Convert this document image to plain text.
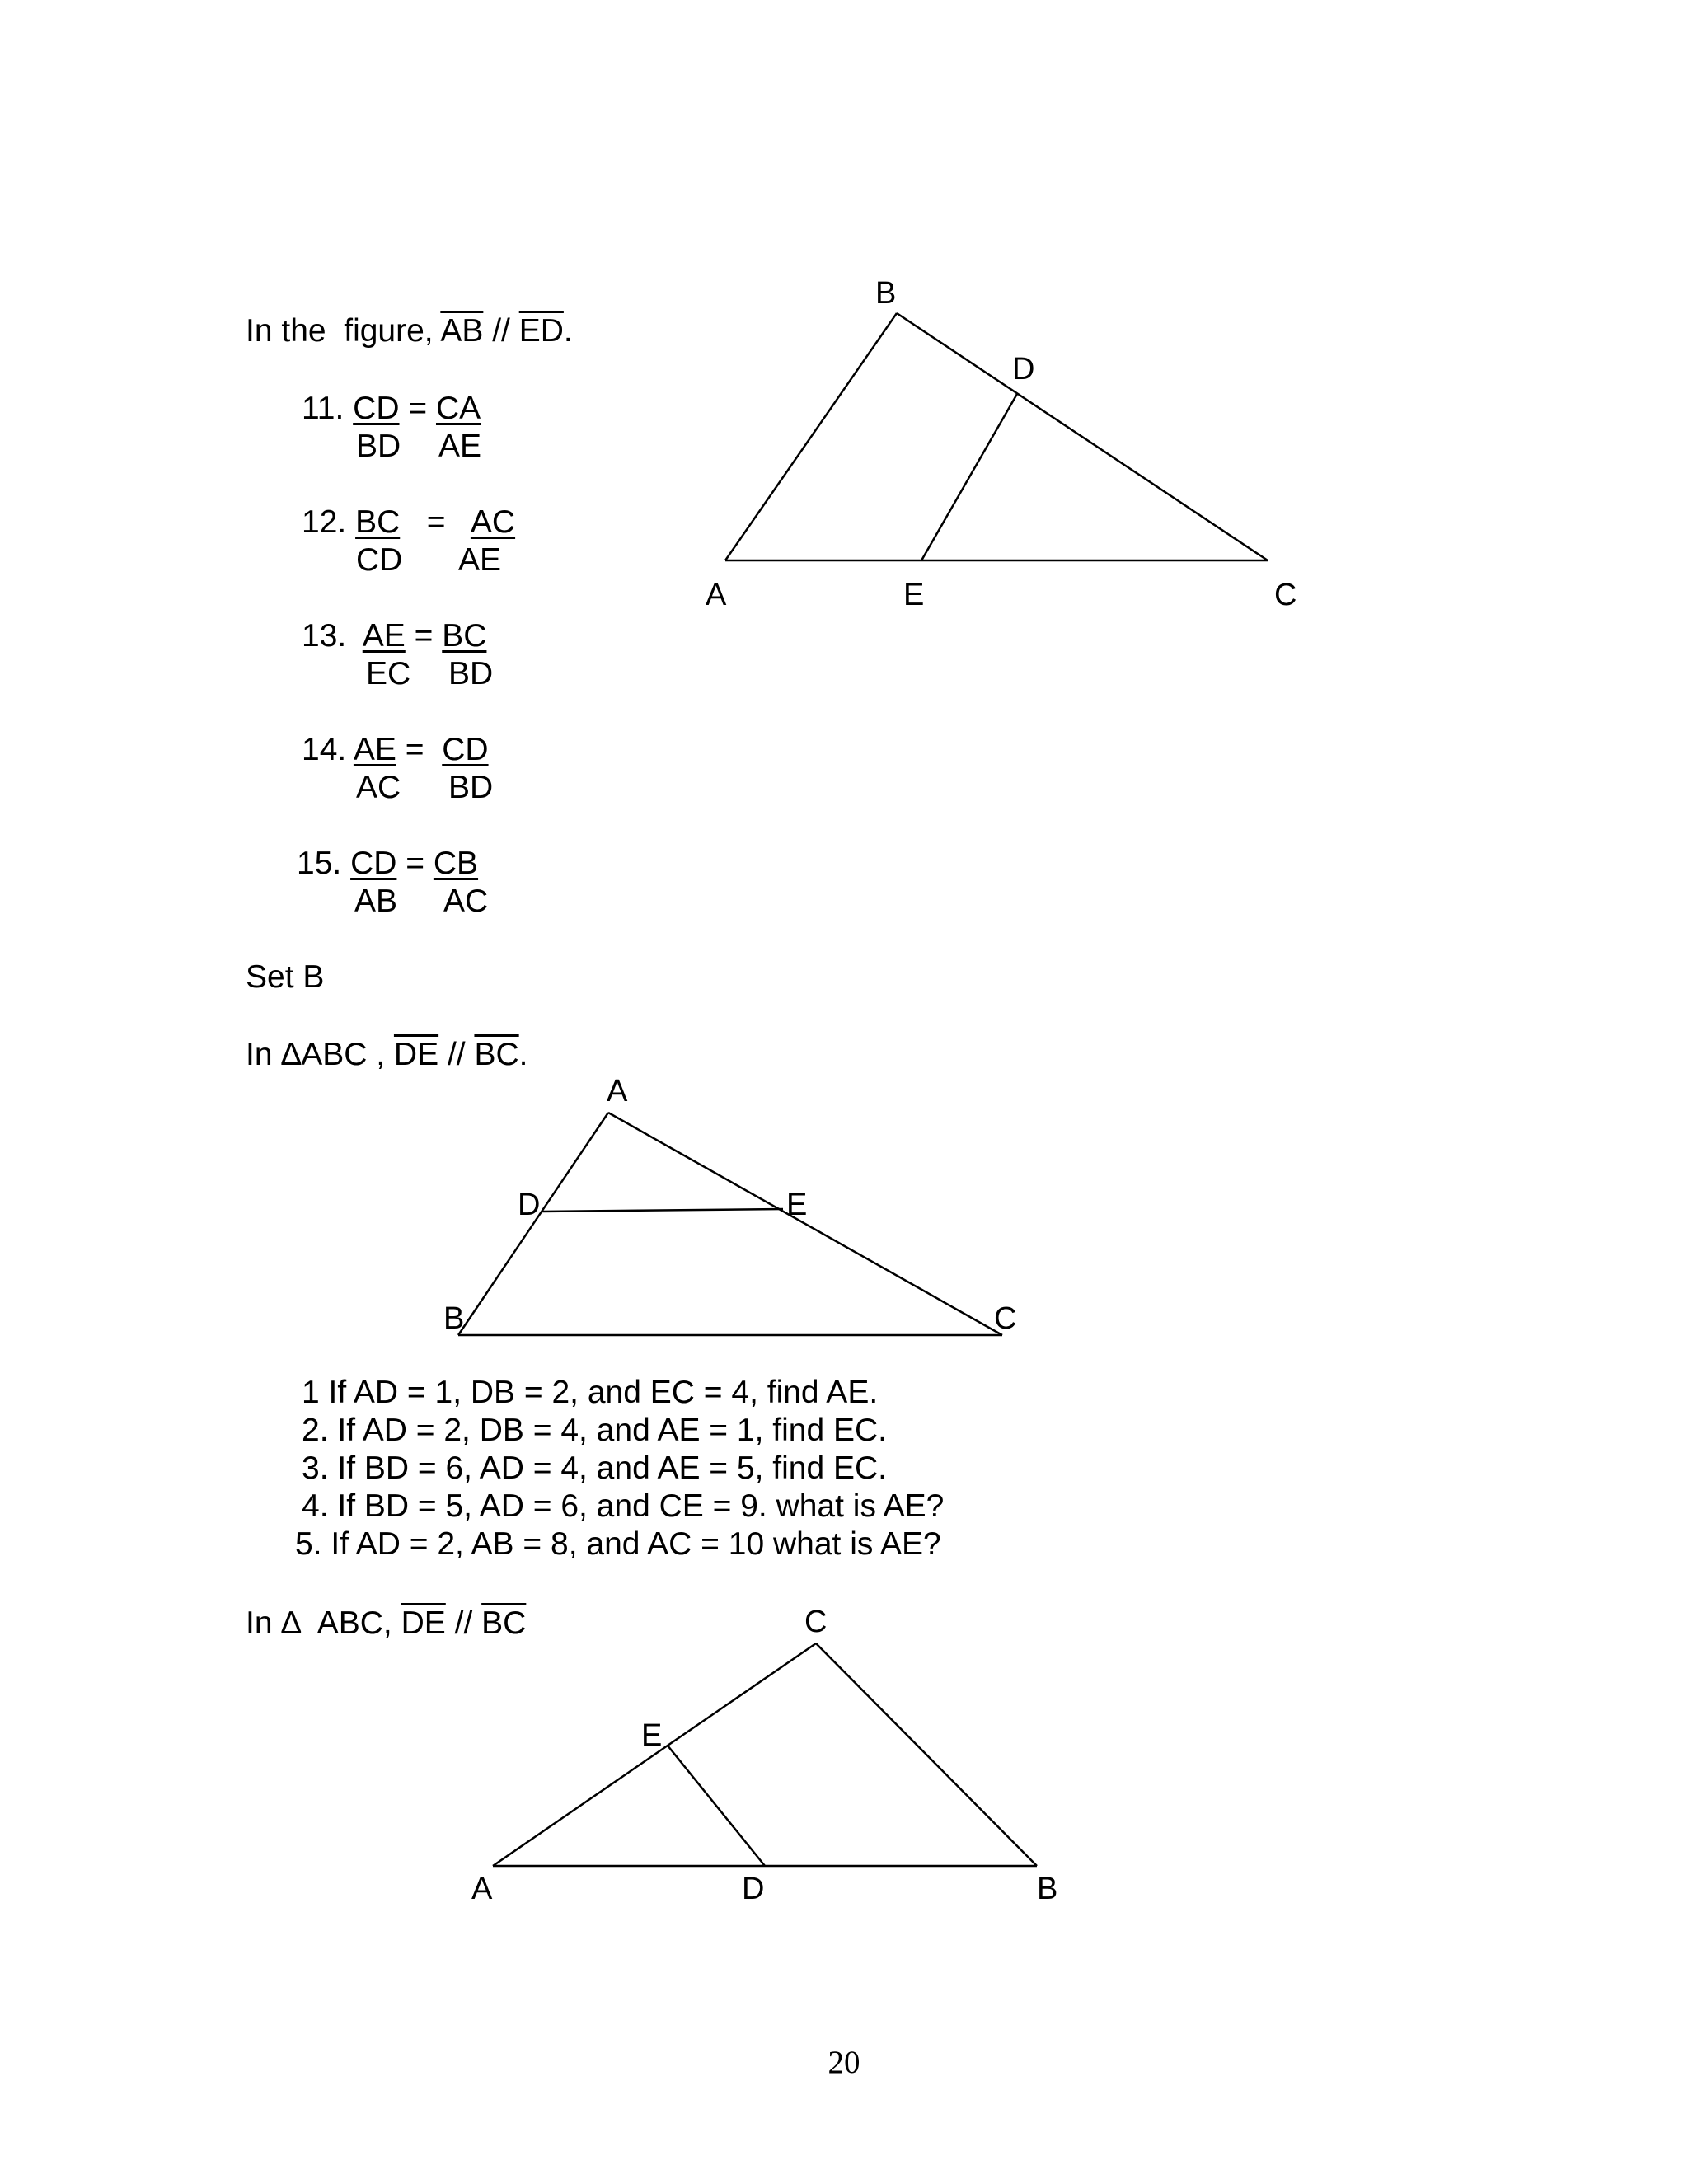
In the  figure, $\overline{AB} // \overline{ED}$.

11. CD = CA

BD

AE

12. BC = AC

CD

AE

13. AE = BC

EC

BD

14. AE = CD

AC

BD

15. CD = CB

AB

AC

Set B
In ∆ABC , $\overline{DE} // \overline{BC}$.
1 If AD = 1, DB = 2, and EC = 4, find AE.
2. If AD = 2, DB = 4, and AE = 1, find EC.
3. If BD = 6, AD = 4, and AE = 5, find EC.
4. If BD = 5, AD = 6, and CE = 9. what is AE?
5. If AD = 2, AB = 8, and AC = 10 what is AE?
In ∆  ABC, $\overline{DE} // \overline{BC}$
B
D
A	E	C
A
D	E
B	C
C
E
A	D	B
20
